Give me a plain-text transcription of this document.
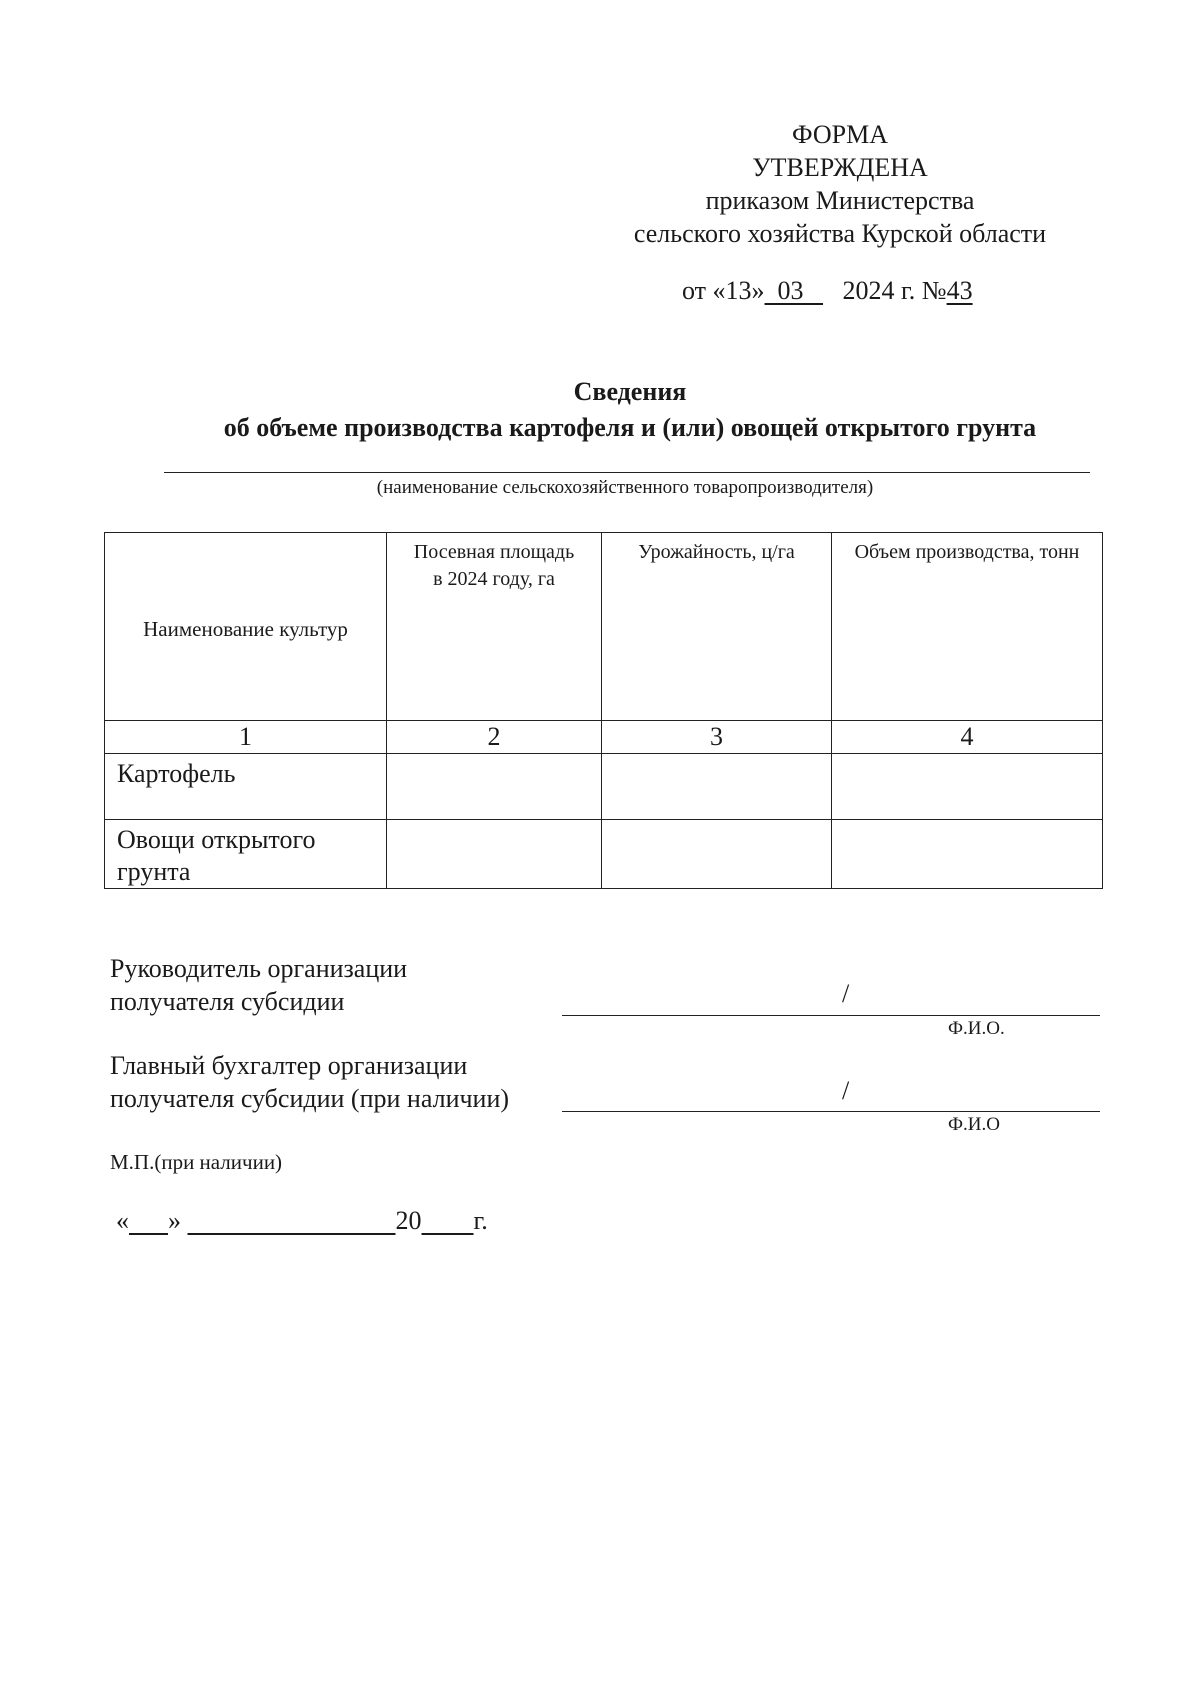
ФОРМА
УТВЕРЖДЕНА
приказом Министерства
сельского хозяйства Курской области
от «13» 03 2024 г. №43
Сведения
об объеме производства картофеля и (или) овощей открытого грунта
(наименование сельскохозяйственного товаропроизводителя)
Наименование культур	Посевная площадь в 2024 году, га	Урожайность, ц/га	Объем производства, тонн

1	2	3	4
Картофель			

Овощи открытого грунта			

Руководитель организации
получателя субсидии	/
Ф.И.О.
Главный бухгалтер организации
получателя субсидии (при наличии)	/
Ф.И.О
М.П.(при наличии)
« »	20 г.
